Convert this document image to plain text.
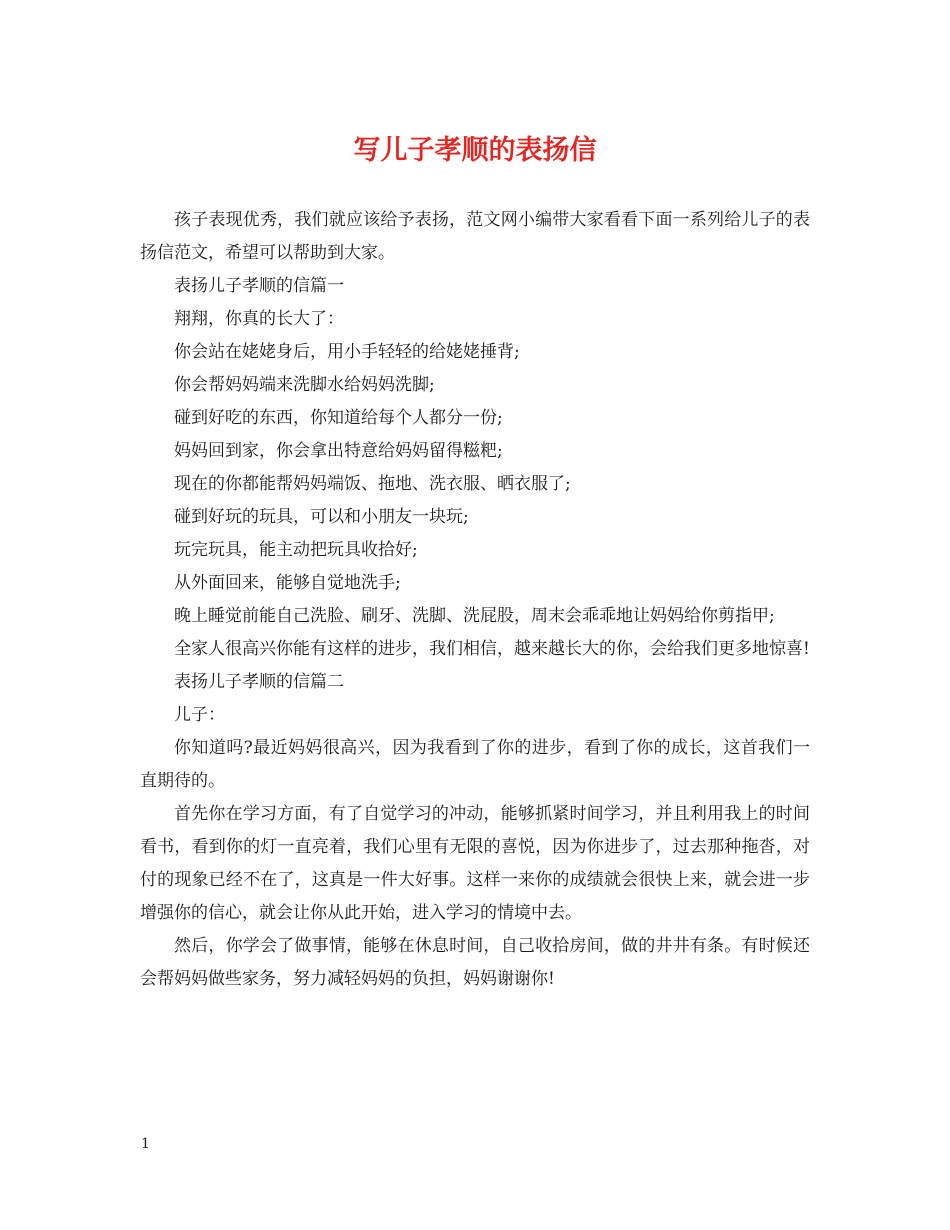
写儿子孝顺的表扬信

孩子表现优秀，我们就应该给予表扬，范文网小编带大家看看下面一系列给儿子的表扬信范文，希望可以帮助到大家。

表扬儿子孝顺的信篇一

翔翔，你真的长大了：

你会站在姥姥身后，用小手轻轻的给姥姥捶背;

你会帮妈妈端来洗脚水给妈妈洗脚;

碰到好吃的东西，你知道给每个人都分一份;

妈妈回到家，你会拿出特意给妈妈留得糍粑;

现在的你都能帮妈妈端饭、拖地、洗衣服、晒衣服了;

碰到好玩的玩具，可以和小朋友一块玩;

玩完玩具，能主动把玩具收拾好;

从外面回来，能够自觉地洗手;

晚上睡觉前能自己洗脸、刷牙、洗脚、洗屁股，周末会乖乖地让妈妈给你剪指甲;

全家人很高兴你能有这样的进步，我们相信，越来越长大的你，会给我们更多地惊喜!

表扬儿子孝顺的信篇二

儿子：

你知道吗?最近妈妈很高兴，因为我看到了你的进步，看到了你的成长，这首我们一直期待的。

首先你在学习方面，有了自觉学习的冲动，能够抓紧时间学习，并且利用我上的时间看书，看到你的灯一直亮着，我们心里有无限的喜悦，因为你进步了，过去那种拖沓，对付的现象已经不在了，这真是一件大好事。这样一来你的成绩就会很快上来，就会进一步增强你的信心，就会让你从此开始，进入学习的情境中去。

然后，你学会了做事情，能够在休息时间，自己收拾房间，做的井井有条。有时候还会帮妈妈做些家务，努力减轻妈妈的负担，妈妈谢谢你!

1
